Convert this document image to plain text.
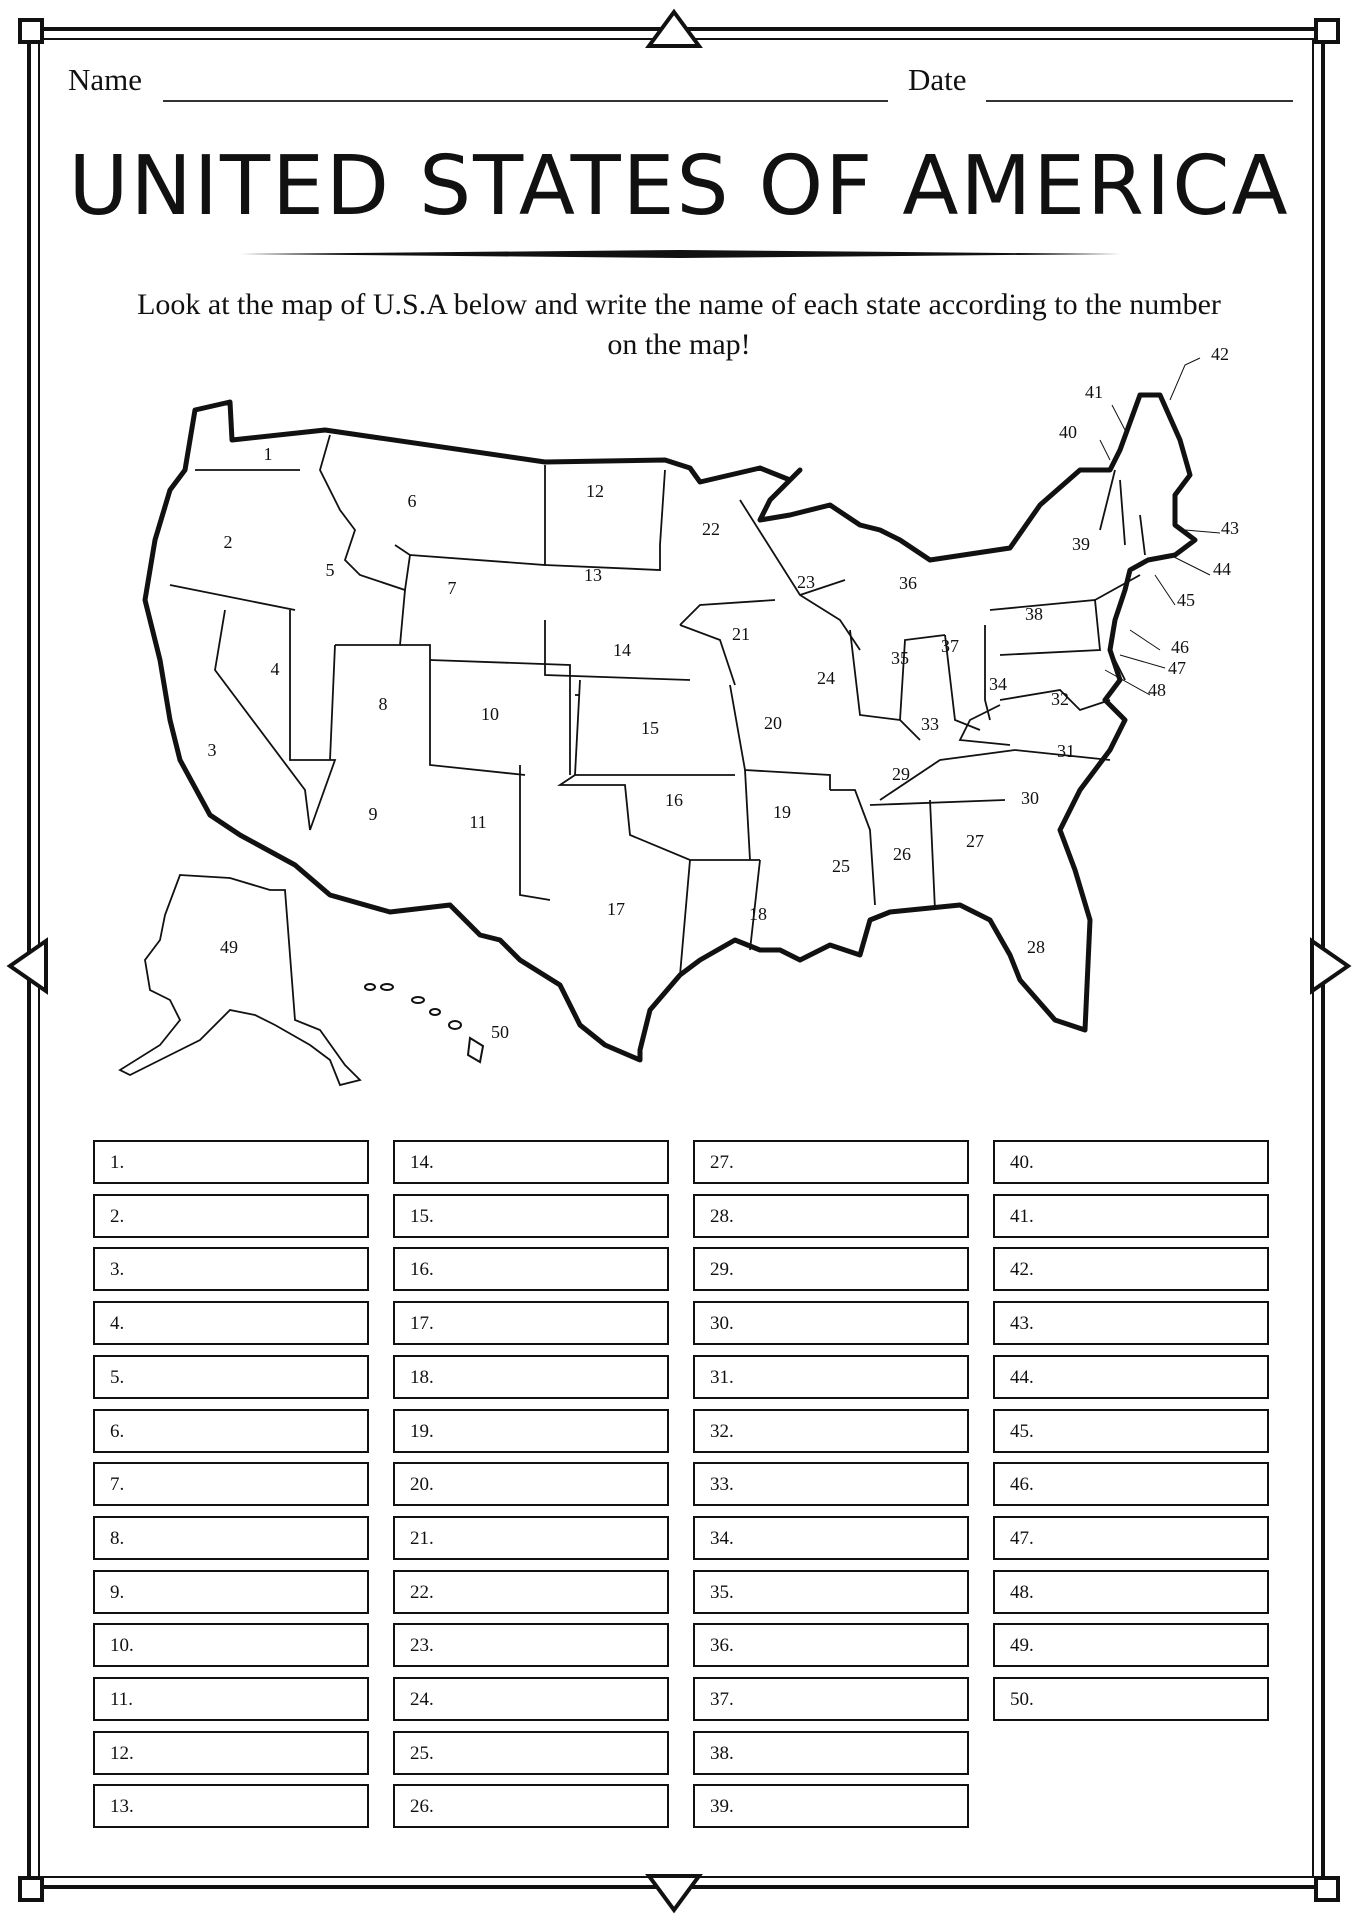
Name	Date
UNITED STATES OF AMERICA
Look at the map of U.S.A below and write the name of each state according to the number on the map!
1
2
3
4
5
6
7
8
9
10
11
12
13
14
15
16
17	18
19
20
21
22
23
24
25
26
27
28
29
30
31
32
33
34
35
36
37
38
39
40
41
42
43
44
45
46
47
48
49
50
1.
2.
3.
4.
5.
6.
7.
8.
9.
10.
11.
12.
13.
14.
15.
16.
17.
18.
19.
20.
21.
22.
23.
24.
25.
26.
27.
28.
29.
30.
31.
32.
33.
34.
35.
36.
37.
38.
39.
40.
41.
42.
43.
44.
45.
46.
47.
48.
49.
50.
